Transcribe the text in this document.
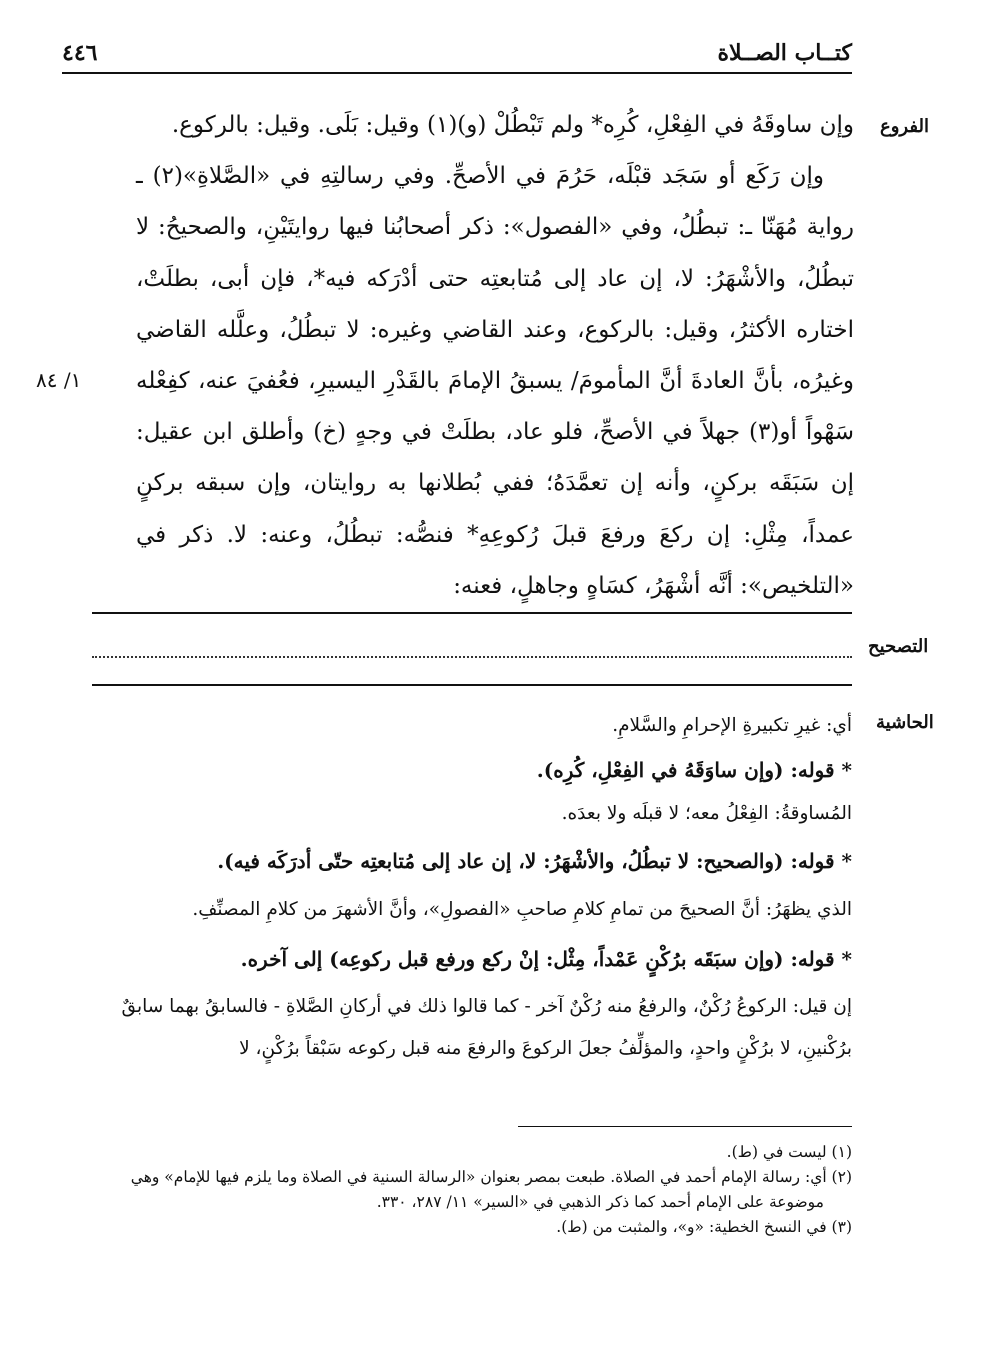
كتــاب الصــلاة
٤٤٦
الفروع
التصحيح
الحاشية
١/ ٨٤

وإن ساوقَهُ في الفِعْلِ، كُرِه* ولم تَبْطُلْ (و)(١) وقيل: بَلَى. وقيل: بالركوع.

وإن رَكَع أو سَجَد قبْلَه، حَرُمَ في الأصحِّ. وفي رسالتِهِ في «الصَّلاةِ»(٢) ـ رواية مُهَنّا ـ: تبطُلُ، وفي «الفصول»: ذكر أصحابُنا فيها روايتَيْنِ، والصحيحُ: لا تبطُلُ، والأشْهَرُ: لا، إن عاد إلى مُتابعتِه حتى أدْرَكه فيه*، فإن أبى، بطلَتْ، اختاره الأكثرُ، وقيل: بالركوع، وعند القاضي وغيره: لا تبطُلُ، وعلَّله القاضي وغيرُه، بأنَّ العادةَ أنَّ المأمومَ/ يسبقُ الإمامَ بالقَدْرِ اليسيرِ، فعُفيَ عنه، كفِعْله سَهْواً أو(٣) جهلاً في الأصحِّ، فلو عاد، بطلَتْ في وجهٍ (خ) وأطلق ابن عقيل: إن سَبَقَه بركنٍ، وأنه إن تعمَّدَهُ؛ ففي بُطلانها به روايتان، وإن سبقه بركنٍ عمداً، مِثْلِ: إن ركعَ ورفعَ قبلَ رُكوعِهِ* فنصُّه: تبطُلُ، وعنه: لا. ذكر في «التلخيص»: أنَّه أشْهَرُ، كسَاهٍ وجاهلٍ، فعنه:

أي: غيرِ تكبيرةِ الإحرامِ والسَّلامِ.

* قوله: (وإن ساوَقَهُ في الفِعْلِ، كُرِه).

المُساوقةُ: الفِعْلُ معه؛ لا قبلَه ولا بعدَه.

* قوله: (والصحيح: لا تبطُلُ، والأشْهَرُ: لا، إن عاد إلى مُتابعتِه حتّى أدرَكَه فيه).

الذي يظهَرُ: أنَّ الصحيحَ من تمامِ كلامِ صاحبِ «الفصولِ»، وأنَّ الأشهرَ من كلامِ المصنِّفِ.

* قوله: (وإن سبَقَه برُكْنٍ عَمْداً، مِثْل: إنْ ركع ورفع قبل ركوعِه) إلى آخره.

إن قيل: الركوعُ رُكْنٌ، والرفعُ منه رُكْنٌ آخر - كما قالوا ذلك في أركانِ الصَّلاةِ - فالسابقُ بهما سابقٌ برُكْنينِ، لا برُكْنٍ واحدٍ، والمؤلِّفُ جعلَ الركوعَ والرفعَ منه قبل ركوعه سَبْقاً برُكْنٍ، لا

(١) ليست في (ط).

(٢) أي: رسالة الإمام أحمد في الصلاة. طبعت بمصر بعنوان «الرسالة السنية في الصلاة وما يلزم فيها للإمام» وهي

موضوعة على الإمام أحمد كما ذكر الذهبي في «السير» ١١/ ٢٨٧، ٣٣٠.

(٣) في النسخ الخطية: «و»، والمثبت من (ط).
